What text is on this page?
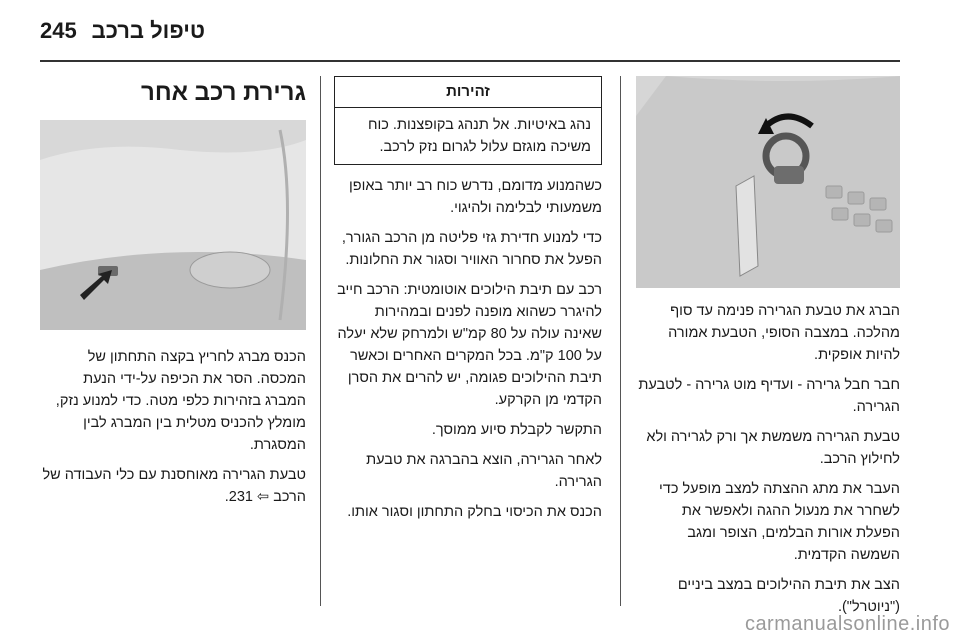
245 טיפול ברכב
גרירת רכב אחר

הכנס מברג לחריץ בקצה התחתון של המכסה. הסר את הכיפה על-ידי הנעת המברג בזהירות כלפי מטה. כדי למנוע נזק, מומלץ להכניס מטלית בין המברג לבין המסגרת.

טבעת הגרירה מאוחסנת עם כלי העבודה של הרכב ⇦ 231.

זהירות
נהג באיטיות. אל תנהג בקופצנות. כוח משיכה מוגזם עלול לגרום נזק לרכב.

כשהמנוע מדומם, נדרש כוח רב יותר באופן משמעותי לבלימה ולהיגוי.

כדי למנוע חדירת גזי פליטה מן הרכב הגורר, הפעל את סחרור האוויר וסגור את החלונות.

רכב עם תיבת הילוכים אוטומטית: הרכב חייב להיגרר כשהוא מופנה לפנים ובמהירות שאינה עולה על 80 קמ"ש ולמרחק שלא יעלה על 100 ק"מ. בכל המקרים האחרים וכאשר תיבת ההילוכים פגומה, יש להרים את הסרן הקדמי מן הקרקע.

התקשר לקבלת סיוע ממוסך.

לאחר הגרירה, הוצא בהברגה את טבעת הגרירה.

הכנס את הכיסוי בחלק התחתון וסגור אותו.

הברג את טבעת הגרירה פנימה עד סוף מהלכה. במצבה הסופי, הטבעת אמורה להיות אופקית.

חבר חבל גרירה - ועדיף מוט גרירה - לטבעת הגרירה.

טבעת הגרירה משמשת אך ורק לגרירה ולא לחילוץ הרכב.

העבר את מתג ההצתה למצב מופעל כדי לשחרר את מנעול ההגה ולאפשר את הפעלת אורות הבלמים, הצופר ומגב השמשה הקדמית.

הצב את תיבת ההילוכים במצב ביניים ("ניוטרל").

carmanualsonline.info
